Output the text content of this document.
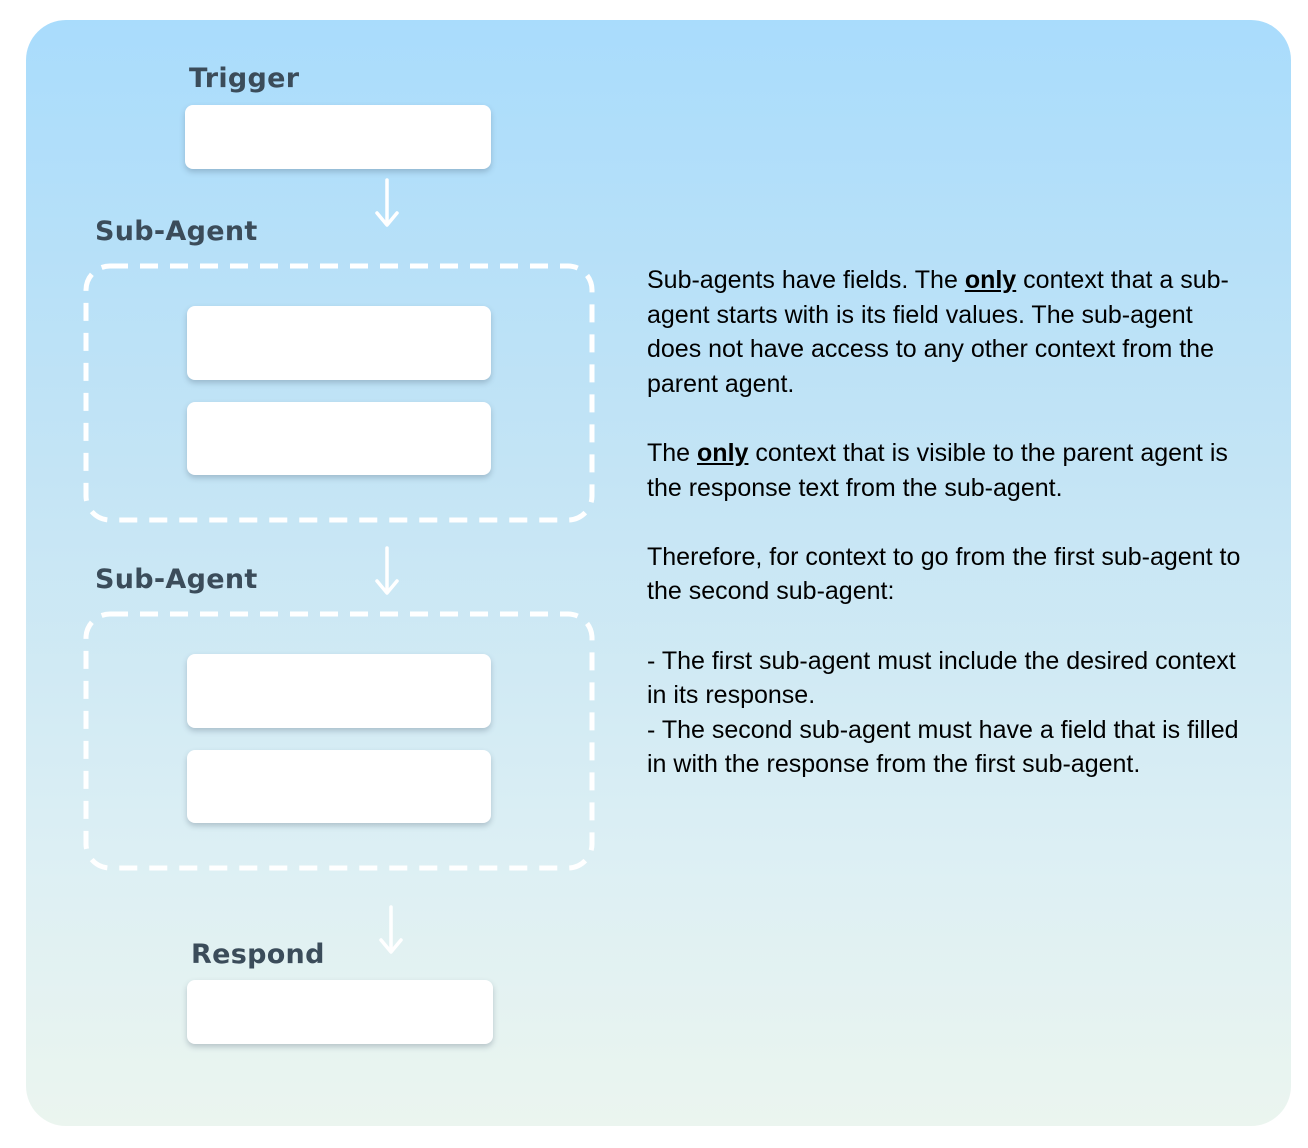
Trigger
Sub-Agent
Sub-Agent
Respond

Sub-agents have fields. The only context that a sub-agent starts with is its field values. The sub-agent does not have access to any other context from the parent agent.

The only context that is visible to the parent agent is the response text from the sub-agent.

Therefore, for context to go from the first sub-agent to the second sub-agent:

- The first sub-agent must include the desired context in its response.

- The second sub-agent must have a field that is filled in with the response from the first sub-agent.
